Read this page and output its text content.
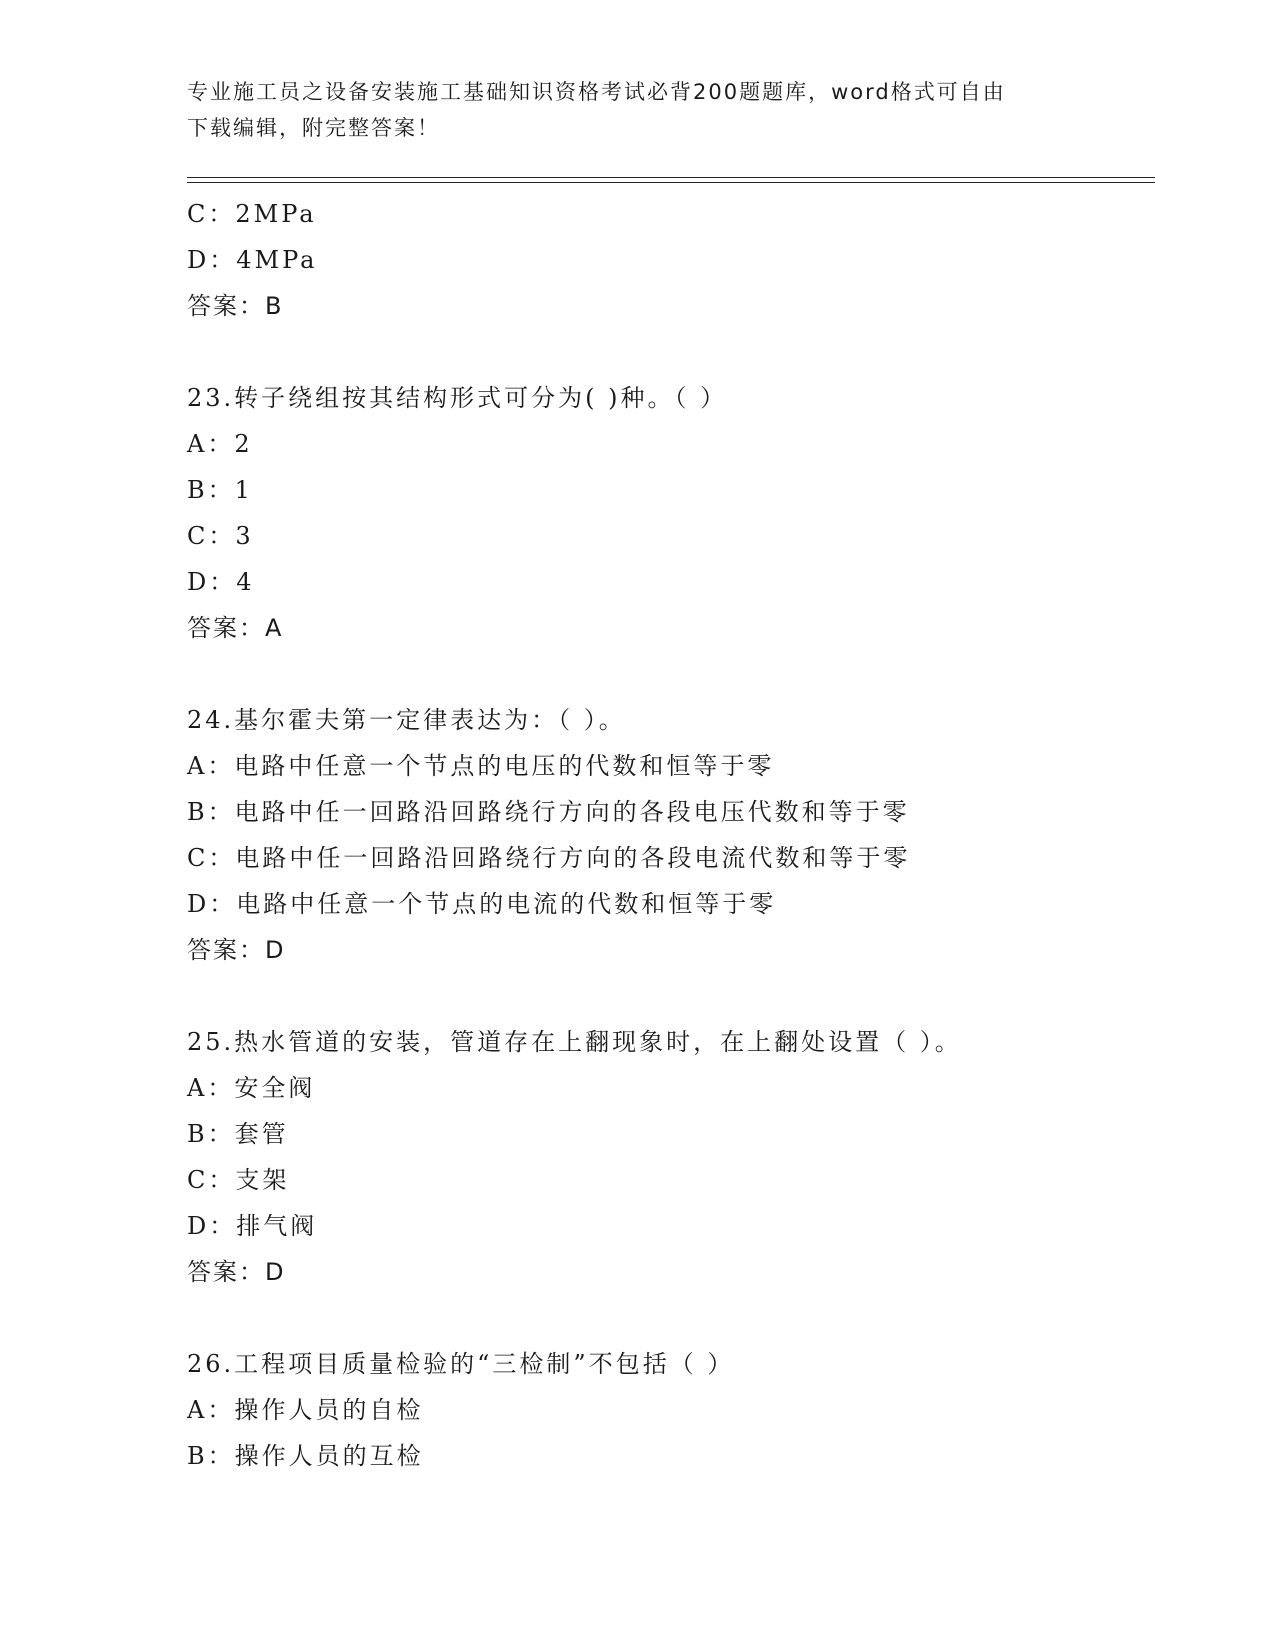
专业施工员之设备安装施工基础知识资格考试必背200题题库，word格式可自由
下载编辑，附完整答案！
C：2MPa
D：4MPa
答案：B
23.转子绕组按其结构形式可分为( )种。（ ）
A：2
B：1
C：3
D：4
答案：A
24.基尔霍夫第一定律表达为：（ ）。
A：电路中任意一个节点的电压的代数和恒等于零
B：电路中任一回路沿回路绕行方向的各段电压代数和等于零
C：电路中任一回路沿回路绕行方向的各段电流代数和等于零
D：电路中任意一个节点的电流的代数和恒等于零
答案：D
25.热水管道的安装，管道存在上翻现象时，在上翻处设置（ ）。
A：安全阀
B：套管
C：支架
D：排气阀
答案：D
26.工程项目质量检验的“三检制”不包括（ ）
A：操作人员的自检
B：操作人员的互检
